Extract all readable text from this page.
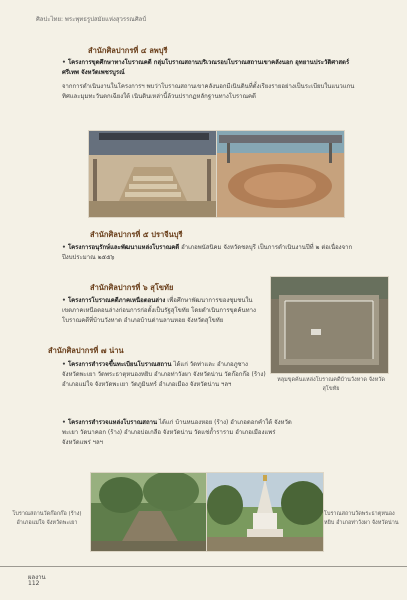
ศิลปะไทย: พระพุทธรูปสมัยแห่งสุวรรณศิลป์
สำนักศิลปากรที่ ๔ ลพบุรี
• โครงการขุดศึกษาทางโบราณคดี กลุ่มโบราณสถานบริเวณรอบโบราณสถานเขาคลังนอก อุทยานประวัติศาสตร์ศรีเทพ จังหวัดเพชรบูรณ์
จากการดำเนินงานในโครงการฯ พบว่าโบราณสถานเขาคลังนอกมีเนินดินที่ตั้งเรียงรายอย่างเป็นระเบียบในแนวแกนทิศและมุมทะวันตกเฉียงใต้ เนินดินเหล่านี้ล้วนปรากฏหลักฐานทางโบราณคดี
สำนักศิลปากรที่ ๕ ปราจีนบุรี
• โครงการอนุรักษ์และพัฒนาแหล่งโบราณคดี อำเภอพนัสนิคม จังหวัดชลบุรี เป็นการดำเนินงานปีที่ ๒ ต่อเนื่องจากปีงบประมาณ ๒๕๕๖
สำนักศิลปากรที่ ๖ สุโขทัย
• โครงการโบราณคดีภาคเหนือตอนล่าง เพื่อศึกษาพัฒนาการของชุมชนในเขตภาคเหนือตอนล่างก่อนการก่อตั้งเป็นรัฐสุโขทัย โดยดำเนินการขุดค้นทางโบราณคดีที่บ้านวังหาด อำเภอบ้านด่านลานหอย จังหวัดสุโขทัย
หลุมขุดค้นแหล่งโบราณคดีบ้านวังหาด จังหวัดสุโขทัย
สำนักศิลปากรที่ ๗ น่าน
• โครงการสำรวจขึ้นทะเบียนโบราณสถาน ได้แก่ วัดท่าและ อำเภอภูซาง จังหวัดพะเยา วัดพระธาตุหนองหยิบ อำเภอท่าวังผา จังหวัดน่าน วัดก๊อกก๊อ (ร้าง) อำเภอแม่ใจ จังหวัดพะเยา วัดภูมินทร์ อำเภอเมือง จังหวัดน่าน ฯลฯ
• โครงการสำรวจแหล่งโบราณสถาน ได้แก่ บ้านหนองหอย (ร้าง) อำเภอดอกคำใต้ จังหวัดพะเยา วัดนาคอก (ร้าง) อำเภอบ่อเกลือ จังหวัดน่าน วัดแช่ถ้ำราราม อำเภอเมืองแพร่ จังหวัดแพร่ ฯลฯ
โบราณสถานวัดก๊อกก๊อ (ร้าง) อำเภอแม่ใจ จังหวัดพะเยา
โบราณสถานวัดพระธาตุหนองหยิบ อำเภอท่าวังผา จังหวัดน่าน
ผลงาน
112
